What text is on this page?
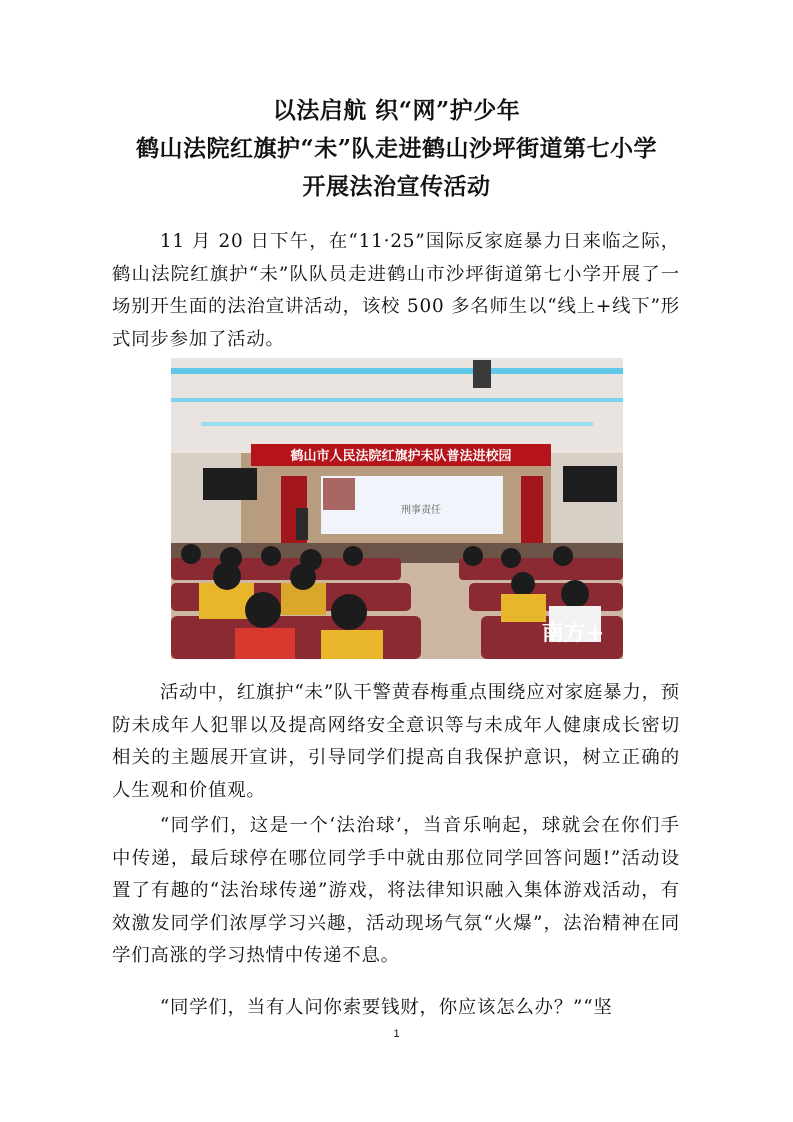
以法启航 织“网”护少年
鹤山法院红旗护“未”队走进鹤山沙坪街道第七小学
开展法治宣传活动

11 月 20 日下午，在“11·25”国际反家庭暴力日来临之际，鹤山法院红旗护“未”队队员走进鹤山市沙坪街道第七小学开展了一场别开生面的法治宣讲活动，该校 500 多名师生以“线上+线下”形式同步参加了活动。

鹤山市人民法院红旗护未队普法进校园
刑事责任
南方+

活动中，红旗护“未”队干警黄春梅重点围绕应对家庭暴力，预防未成年人犯罪以及提高网络安全意识等与未成年人健康成长密切相关的主题展开宣讲，引导同学们提高自我保护意识，树立正确的人生观和价值观。

“同学们，这是一个‘法治球’，当音乐响起，球就会在你们手中传递，最后球停在哪位同学手中就由那位同学回答问题!”活动设置了有趣的“法治球传递”游戏，将法律知识融入集体游戏活动，有效激发同学们浓厚学习兴趣，活动现场气氛“火爆”，法治精神在同学们高涨的学习热情中传递不息。

“同学们，当有人问你索要钱财，你应该怎么办？”“坚

1
